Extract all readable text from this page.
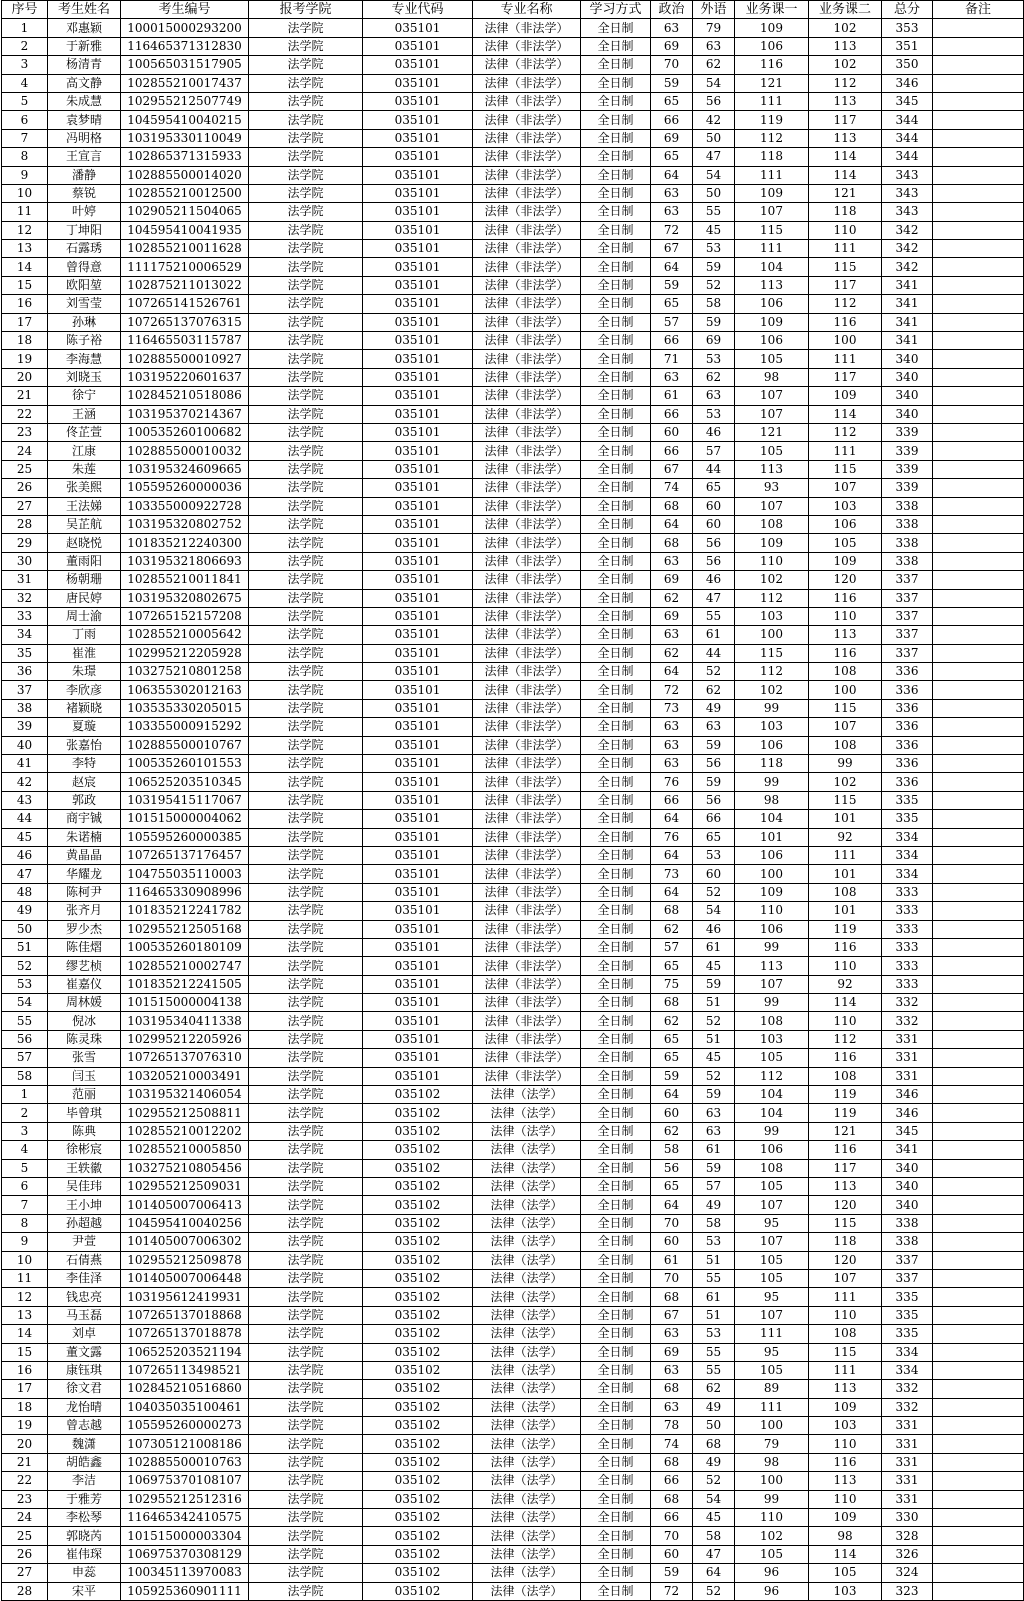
序号	考生姓名	考生编号	报考学院	专业代码	专业名称	学习方式	政治	外语	业务课一	业务课二	总分	备注
1	邓惠颖	100015000293200	法学院	035101	法律（非法学）	全日制	63	79	109	102	353	
2	于新雅	116465371312830	法学院	035101	法律（非法学）	全日制	69	63	106	113	351	
3	杨清青	100565031517905	法学院	035101	法律（非法学）	全日制	70	62	116	102	350	
4	高文静	102855210017437	法学院	035101	法律（非法学）	全日制	59	54	121	112	346	
5	朱成慧	102955212507749	法学院	035101	法律（非法学）	全日制	65	56	111	113	345	
6	袁梦晴	104595410040215	法学院	035101	法律（非法学）	全日制	66	42	119	117	344	
7	冯明格	103195330110049	法学院	035101	法律（非法学）	全日制	69	50	112	113	344	
8	王宣言	102865371315933	法学院	035101	法律（非法学）	全日制	65	47	118	114	344	
9	潘静	102885500014020	法学院	035101	法律（非法学）	全日制	64	54	111	114	343	
10	蔡锐	102855210012500	法学院	035101	法律（非法学）	全日制	63	50	109	121	343	
11	叶婷	102905211504065	法学院	035101	法律（非法学）	全日制	63	55	107	118	343	
12	丁坤阳	104595410041935	法学院	035101	法律（非法学）	全日制	72	45	115	110	342	
13	石露琇	102855210011628	法学院	035101	法律（非法学）	全日制	67	53	111	111	342	
14	曾得意	111175210006529	法学院	035101	法律（非法学）	全日制	64	59	104	115	342	
15	欧阳堃	102875211013022	法学院	035101	法律（非法学）	全日制	59	52	113	117	341	
16	刘雪莹	107265141526761	法学院	035101	法律（非法学）	全日制	65	58	106	112	341	
17	孙琳	107265137076315	法学院	035101	法律（非法学）	全日制	57	59	109	116	341	
18	陈子裕	116465503115787	法学院	035101	法律（非法学）	全日制	66	69	106	100	341	
19	李海慧	102885500010927	法学院	035101	法律（非法学）	全日制	71	53	105	111	340	
20	刘晓玉	103195220601637	法学院	035101	法律（非法学）	全日制	63	62	98	117	340	
21	徐宁	102845210518086	法学院	035101	法律（非法学）	全日制	61	63	107	109	340	
22	王涵	103195370214367	法学院	035101	法律（非法学）	全日制	66	53	107	114	340	
23	佟芷萱	100535260100682	法学院	035101	法律（非法学）	全日制	60	46	121	112	339	
24	江康	102885500010032	法学院	035101	法律（非法学）	全日制	66	57	105	111	339	
25	朱莲	103195324609665	法学院	035101	法律（非法学）	全日制	67	44	113	115	339	
26	张美熙	105595260000036	法学院	035101	法律（非法学）	全日制	74	65	93	107	339	
27	王法娣	103355000922728	法学院	035101	法律（非法学）	全日制	68	60	107	103	338	
28	吴芷航	103195320802752	法学院	035101	法律（非法学）	全日制	64	60	108	106	338	
29	赵晓悦	101835212240300	法学院	035101	法律（非法学）	全日制	68	56	109	105	338	
30	董雨阳	103195321806693	法学院	035101	法律（非法学）	全日制	63	56	110	109	338	
31	杨朝珊	102855210011841	法学院	035101	法律（非法学）	全日制	69	46	102	120	337	
32	唐民婷	103195320802675	法学院	035101	法律（非法学）	全日制	62	47	112	116	337	
33	周士渝	107265152157208	法学院	035101	法律（非法学）	全日制	69	55	103	110	337	
34	丁雨	102855210005642	法学院	035101	法律（非法学）	全日制	63	61	100	113	337	
35	崔淮	102995212205928	法学院	035101	法律（非法学）	全日制	62	44	115	116	337	
36	朱璟	103275210801258	法学院	035101	法律（非法学）	全日制	64	52	112	108	336	
37	李欣彦	106355302012163	法学院	035101	法律（非法学）	全日制	72	62	102	100	336	
38	褚颖晓	103535330205015	法学院	035101	法律（非法学）	全日制	73	49	99	115	336	
39	夏璇	103355000915292	法学院	035101	法律（非法学）	全日制	63	63	103	107	336	
40	张嘉怡	102885500010767	法学院	035101	法律（非法学）	全日制	63	59	106	108	336	
41	李特	100535260101553	法学院	035101	法律（非法学）	全日制	63	56	118	99	336	
42	赵宸	106525203510345	法学院	035101	法律（非法学）	全日制	76	59	99	102	336	
43	郭政	103195415117067	法学院	035101	法律（非法学）	全日制	66	56	98	115	335	
44	商宇铖	101515000004062	法学院	035101	法律（非法学）	全日制	64	66	104	101	335	
45	朱诺楠	105595260000385	法学院	035101	法律（非法学）	全日制	76	65	101	92	334	
46	黄晶晶	107265137176457	法学院	035101	法律（非法学）	全日制	64	53	106	111	334	
47	华耀龙	104755035110003	法学院	035101	法律（非法学）	全日制	73	60	100	101	334	
48	陈柯尹	116465330908996	法学院	035101	法律（非法学）	全日制	64	52	109	108	333	
49	张齐月	101835212241782	法学院	035101	法律（非法学）	全日制	68	54	110	101	333	
50	罗少杰	102955212505168	法学院	035101	法律（非法学）	全日制	62	46	106	119	333	
51	陈佳熠	100535260180109	法学院	035101	法律（非法学）	全日制	57	61	99	116	333	
52	缪艺桢	102855210002747	法学院	035101	法律（非法学）	全日制	65	45	113	110	333	
53	崔嘉仪	101835212241505	法学院	035101	法律（非法学）	全日制	75	59	107	92	333	
54	周林媛	101515000004138	法学院	035101	法律（非法学）	全日制	68	51	99	114	332	
55	倪冰	103195340411338	法学院	035101	法律（非法学）	全日制	62	52	108	110	332	
56	陈灵珠	102995212205926	法学院	035101	法律（非法学）	全日制	65	51	103	112	331	
57	张雪	107265137076310	法学院	035101	法律（非法学）	全日制	65	45	105	116	331	
58	闫玉	103205210003491	法学院	035101	法律（非法学）	全日制	59	52	112	108	331	
1	范丽	103195321406054	法学院	035102	法律（法学）	全日制	64	59	104	119	346	
2	毕曾琪	102955212508811	法学院	035102	法律（法学）	全日制	60	63	104	119	346	
3	陈典	102855210012202	法学院	035102	法律（法学）	全日制	62	63	99	121	345	
4	徐彬宸	102855210005850	法学院	035102	法律（法学）	全日制	58	61	106	116	341	
5	王轶徽	103275210805456	法学院	035102	法律（法学）	全日制	56	59	108	117	340	
6	吴佳玮	102955212509031	法学院	035102	法律（法学）	全日制	65	57	105	113	340	
7	王小坤	101405007006413	法学院	035102	法律（法学）	全日制	64	49	107	120	340	
8	孙超越	104595410040256	法学院	035102	法律（法学）	全日制	70	58	95	115	338	
9	尹萱	101405007006302	法学院	035102	法律（法学）	全日制	60	53	107	118	338	
10	石倩燕	102955212509878	法学院	035102	法律（法学）	全日制	61	51	105	120	337	
11	李佳泽	101405007006448	法学院	035102	法律（法学）	全日制	70	55	105	107	337	
12	钱忠亮	103195612419931	法学院	035102	法律（法学）	全日制	68	61	95	111	335	
13	马玉磊	107265137018868	法学院	035102	法律（法学）	全日制	67	51	107	110	335	
14	刘卓	107265137018878	法学院	035102	法律（法学）	全日制	63	53	111	108	335	
15	董文露	106525203521194	法学院	035102	法律（法学）	全日制	69	55	95	115	334	
16	康钰琪	107265113498521	法学院	035102	法律（法学）	全日制	63	55	105	111	334	
17	徐文君	102845210516860	法学院	035102	法律（法学）	全日制	68	62	89	113	332	
18	龙怡晴	104035035100461	法学院	035102	法律（法学）	全日制	63	49	111	109	332	
19	曾志越	105595260000273	法学院	035102	法律（法学）	全日制	78	50	100	103	331	
20	魏潇	107305121008186	法学院	035102	法律（法学）	全日制	74	68	79	110	331	
21	胡皓鑫	102885500010763	法学院	035102	法律（法学）	全日制	68	49	98	116	331	
22	李洁	106975370108107	法学院	035102	法律（法学）	全日制	66	52	100	113	331	
23	于雅芳	102955212512316	法学院	035102	法律（法学）	全日制	68	54	99	110	331	
24	李松琴	116465342410575	法学院	035102	法律（法学）	全日制	66	45	110	109	330	
25	郭晓芮	101515000003304	法学院	035102	法律（法学）	全日制	70	58	102	98	328	
26	崔伟琛	106975370308129	法学院	035102	法律（法学）	全日制	60	47	105	114	326	
27	申蕊	100345113970083	法学院	035102	法律（法学）	全日制	59	64	96	105	324	
28	宋平	105925360901111	法学院	035102	法律（法学）	全日制	72	52	96	103	323	
